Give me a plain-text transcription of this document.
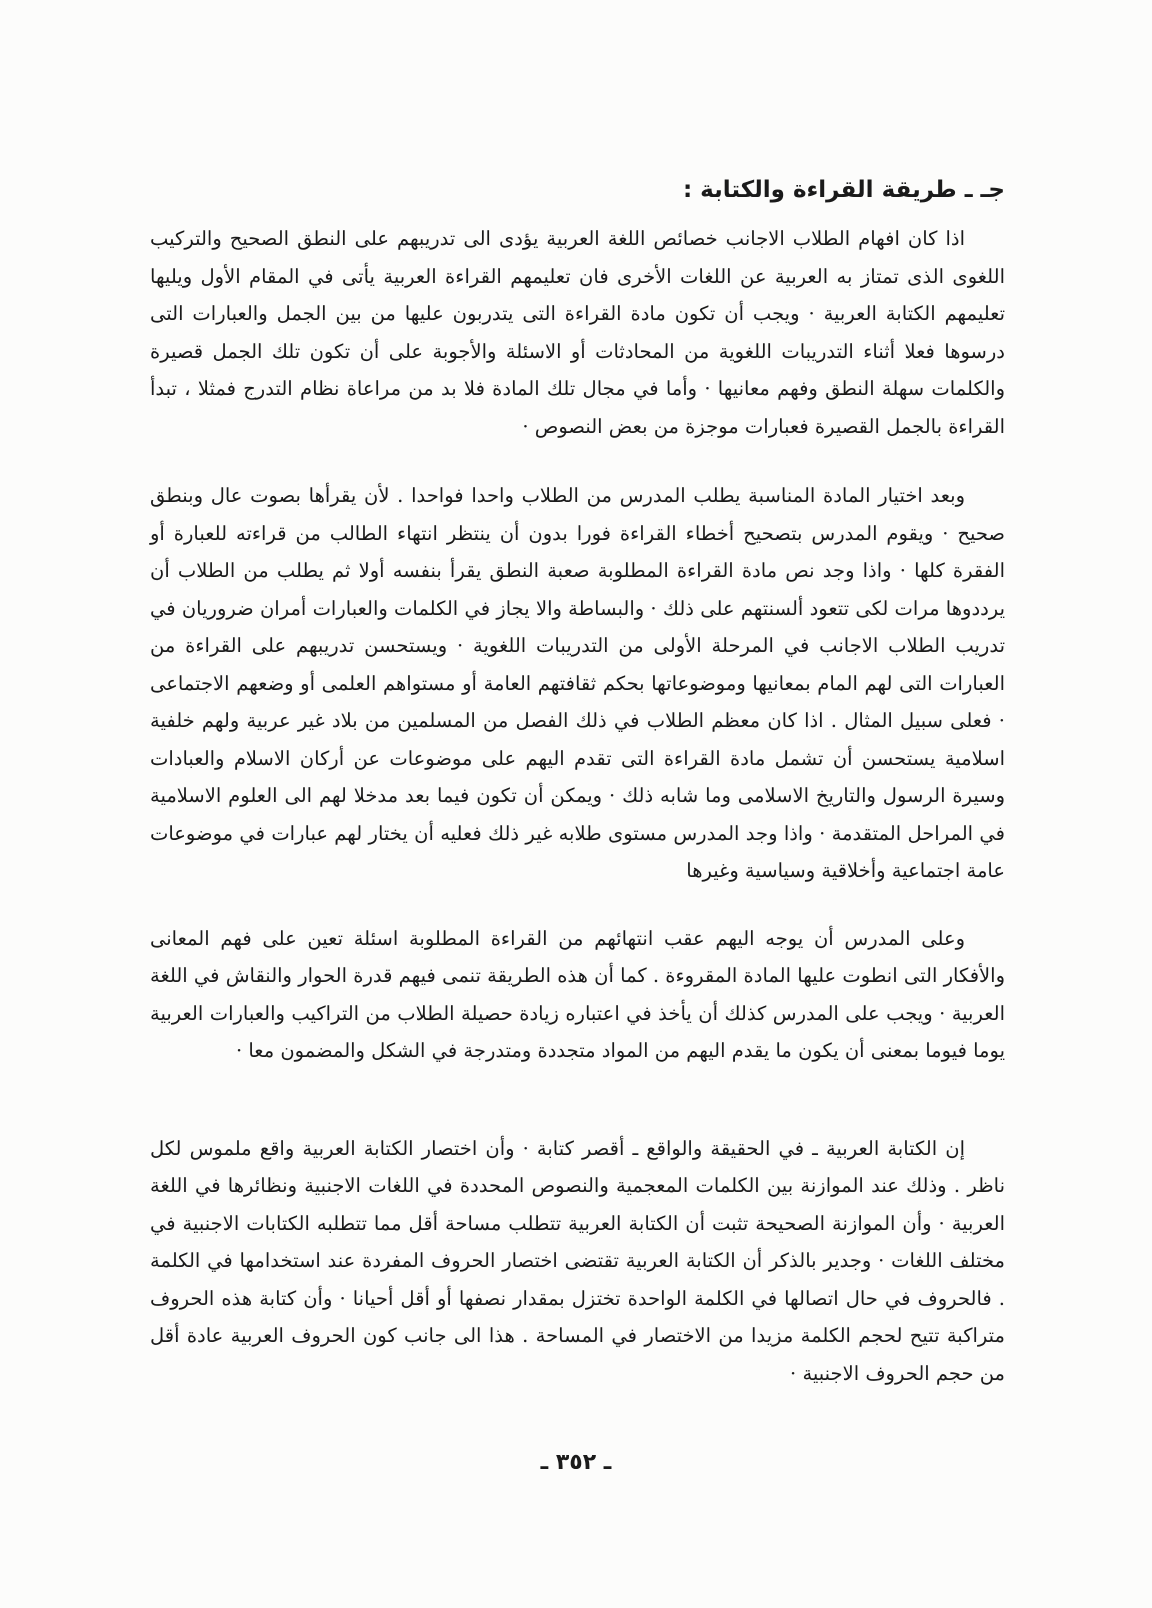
جـ ـ طريقة القراءة والكتابة :

اذا كان افهام الطلاب الاجانب خصائص اللغة العربية يؤدى الى تدريبهم على النطق الصحيح والتركيب اللغوى الذى تمتاز به العربية عن اللغات الأخرى فان تعليمهم القراءة العربية يأتى في المقام الأول ويليها تعليمهم الكتابة العربية · ويجب أن تكون مادة القراءة التى يتدربون عليها من بين الجمل والعبارات التى درسوها فعلا أثناء التدريبات اللغوية من المحادثات أو الاسئلة والأجوبة على أن تكون تلك الجمل قصيرة والكلمات سهلة النطق وفهم معانيها · وأما في مجال تلك المادة فلا بد من مراعاة نظام التدرج فمثلا ، تبدأ القراءة بالجمل القصيرة فعبارات موجزة من بعض النصوص ·

وبعد اختيار المادة المناسبة يطلب المدرس من الطلاب واحدا فواحدا . لأن يقرأها بصوت عال وبنطق صحيح · ويقوم المدرس بتصحيح أخطاء القراءة فورا بدون أن ينتظر انتهاء الطالب من قراءته للعبارة أو الفقرة كلها · واذا وجد نص مادة القراءة المطلوبة صعبة النطق يقرأ بنفسه أولا ثم يطلب من الطلاب أن يرددوها مرات لكى تتعود ألسنتهم على ذلك · والبساطة والا يجاز في الكلمات والعبارات أمران ضروريان في تدريب الطلاب الاجانب في المرحلة الأولى من التدريبات اللغوية · ويستحسن تدريبهم على القراءة من العبارات التى لهم المام بمعانيها وموضوعاتها بحكم ثقافتهم العامة أو مستواهم العلمى أو وضعهم الاجتماعى · فعلى سبيل المثال . اذا كان معظم الطلاب في ذلك الفصل من المسلمين من بلاد غير عربية ولهم خلفية اسلامية يستحسن أن تشمل مادة القراءة التى تقدم اليهم على موضوعات عن أركان الاسلام والعبادات وسيرة الرسول والتاريخ الاسلامى وما شابه ذلك · ويمكن أن تكون فيما بعد مدخلا لهم الى العلوم الاسلامية في المراحل المتقدمة · واذا وجد المدرس مستوى طلابه غير ذلك فعليه أن يختار لهم عبارات في موضوعات عامة اجتماعية وأخلاقية وسياسية وغيرها

وعلى المدرس أن يوجه اليهم عقب انتهائهم من القراءة المطلوبة اسئلة تعين على فهم المعانى والأفكار التى انطوت عليها المادة المقروءة . كما أن هذه الطريقة تنمى فيهم قدرة الحوار والنقاش في اللغة العربية · ويجب على المدرس كذلك أن يأخذ في اعتباره زيادة حصيلة الطلاب من التراكيب والعبارات العربية يوما فيوما بمعنى أن يكون ما يقدم اليهم من المواد متجددة ومتدرجة في الشكل والمضمون معا ·

إن الكتابة العربية ـ في الحقيقة والواقع ـ أقصر كتابة · وأن اختصار الكتابة العربية واقع ملموس لكل ناظر . وذلك عند الموازنة بين الكلمات المعجمية والنصوص المحددة في اللغات الاجنبية ونظائرها في اللغة العربية · وأن الموازنة الصحيحة تثبت أن الكتابة العربية تتطلب مساحة أقل مما تتطلبه الكتابات الاجنبية في مختلف اللغات · وجدير بالذكر أن الكتابة العربية تقتضى اختصار الحروف المفردة عند استخدامها في الكلمة . فالحروف في حال اتصالها في الكلمة الواحدة تختزل بمقدار نصفها أو أقل أحيانا · وأن كتابة هذه الحروف متراكبة تتيح لحجم الكلمة مزيدا من الاختصار في المساحة . هذا الى جانب كون الحروف العربية عادة أقل من حجم الحروف الاجنبية ·

ـ ٣٥٢ ـ
